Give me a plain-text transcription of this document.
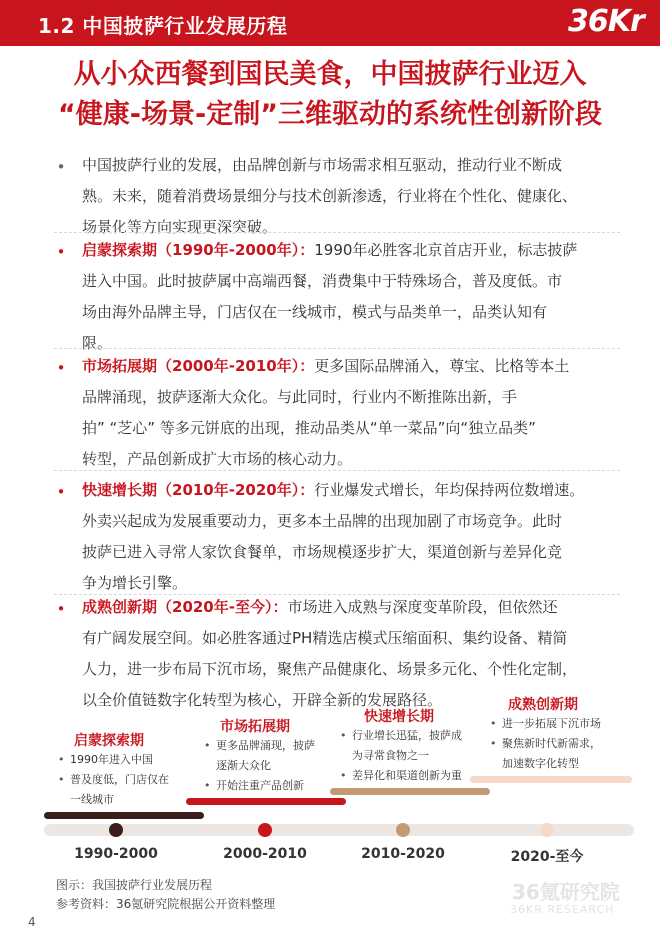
1.2 中国披萨行业发展历程	36Kr
从小众西餐到国民美食，中国披萨行业迈入
“健康-场景-定制”三维驱动的系统性创新阶段
• 中国披萨行业的发展，由品牌创新与市场需求相互驱动，推动行业不断成
熟。未来，随着消费场景细分与技术创新渗透，行业将在个性化、健康化、
场景化等方向实现更深突破。
• 启蒙探索期（1990年-2000年）：1990年必胜客北京首店开业，标志披萨
进入中国。此时披萨属中高端西餐，消费集中于特殊场合，普及度低。市
场由海外品牌主导，门店仅在一线城市，模式与品类单一，品类认知有
限。
• 市场拓展期（2000年-2010年）：更多国际品牌涌入，尊宝、比格等本土
品牌涌现，披萨逐渐大众化。与此同时，行业内不断推陈出新，手
拍” “芝心” 等多元饼底的出现，推动品类从“单一菜品”向“独立品类”
转型，产品创新成扩大市场的核心动力。
• 快速增长期（2010年-2020年）：行业爆发式增长，年均保持两位数增速。
外卖兴起成为发展重要动力，更多本土品牌的出现加剧了市场竞争。此时
披萨已进入寻常人家饮食餐单，市场规模逐步扩大，渠道创新与差异化竞
争为增长引擎。
• 成熟创新期（2020年-至今）：市场进入成熟与深度变革阶段，但依然还
有广阔发展空间。如必胜客通过PH精选店模式压缩面积、集约设备、精简
人力，进一步布局下沉市场，聚焦产品健康化、场景多元化、个性化定制，
以全价值链数字化转型为核心，开辟全新的发展路径。
启蒙探索期
• 1990年进入中国
• 普及度低，门店仅在
一线城市
市场拓展期
• 更多品牌涌现，披萨
逐渐大众化
• 开始注重产品创新
快速增长期
• 行业增长迅猛，披萨成
为寻常食物之一
• 差异化和渠道创新为重
成熟创新期
• 进一步拓展下沉市场
• 聚焦新时代新需求，
加速数字化转型
1990-2000	2000-2010	2010-2020	2020-至今
图示：我国披萨行业发展历程
参考资料：36氪研究院根据公开资料整理	36氪研究院
36KR RESEARCH
4
